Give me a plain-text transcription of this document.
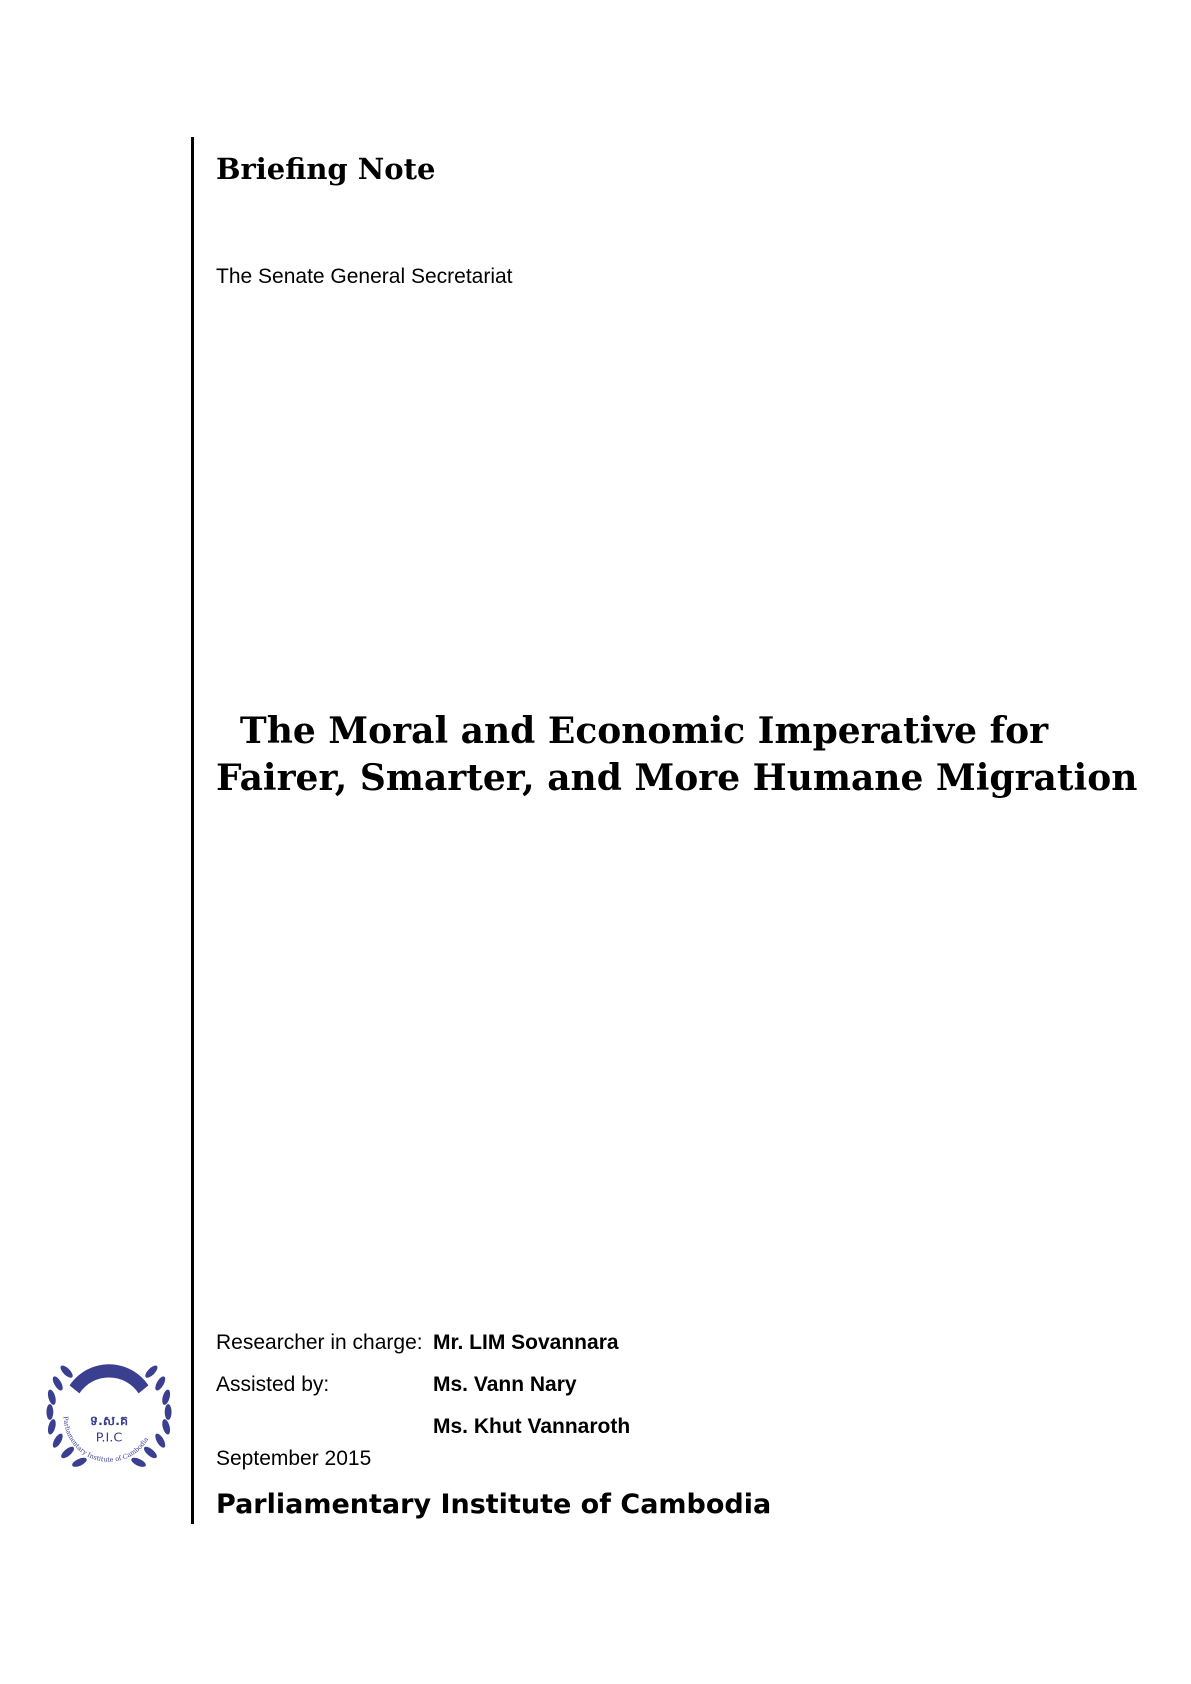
Briefing Note
The Senate General Secretariat
The Moral and Economic Imperative for
Fairer, Smarter, and More Humane Migration
ទ.ស.គ
P.I.C
Parliamentary Institute of Cambodia
Researcher in charge: Mr. LIM Sovannara
Assisted by:	Ms. Vann Nary
Ms. Khut Vannaroth
September 2015
Parliamentary Institute of Cambodia
